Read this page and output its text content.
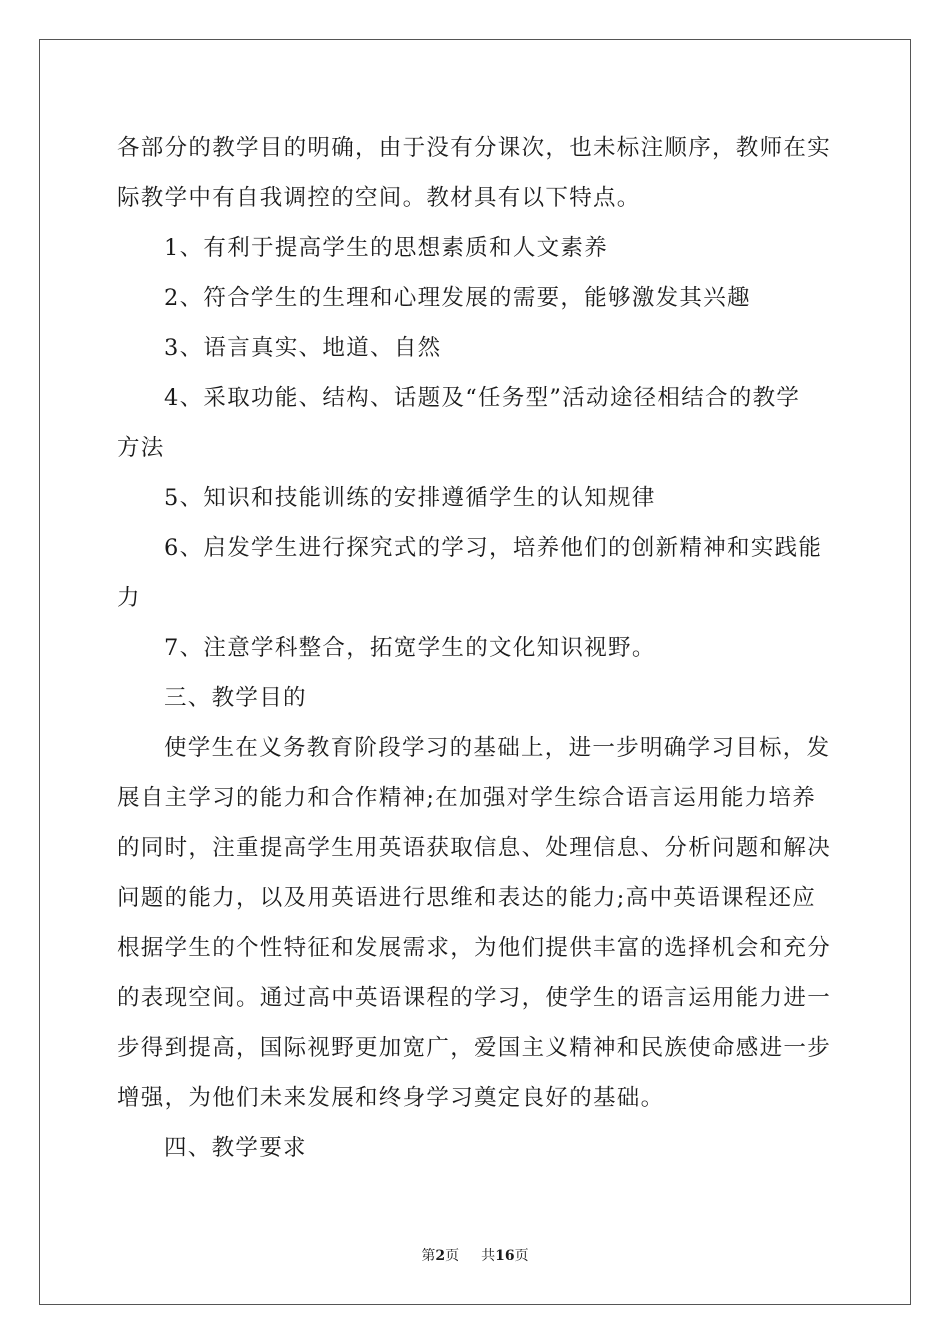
各部分的教学目的明确，由于没有分课次，也未标注顺序，教师在实
际教学中有自我调控的空间。教材具有以下特点。
1、有利于提高学生的思想素质和人文素养
2、符合学生的生理和心理发展的需要，能够激发其兴趣
3、语言真实、地道、自然
4、采取功能、结构、话题及“任务型”活动途径相结合的教学
方法
5、知识和技能训练的安排遵循学生的认知规律
6、启发学生进行探究式的学习，培养他们的创新精神和实践能
力
7、注意学科整合，拓宽学生的文化知识视野。
三、教学目的
使学生在义务教育阶段学习的基础上，进一步明确学习目标，发
展自主学习的能力和合作精神;在加强对学生综合语言运用能力培养
的同时，注重提高学生用英语获取信息、处理信息、分析问题和解决
问题的能力，以及用英语进行思维和表达的能力;高中英语课程还应
根据学生的个性特征和发展需求，为他们提供丰富的选择机会和充分
的表现空间。通过高中英语课程的学习，使学生的语言运用能力进一
步得到提高，国际视野更加宽广，爱国主义精神和民族使命感进一步
增强，为他们未来发展和终身学习奠定良好的基础。
四、教学要求
第2页 共16页
